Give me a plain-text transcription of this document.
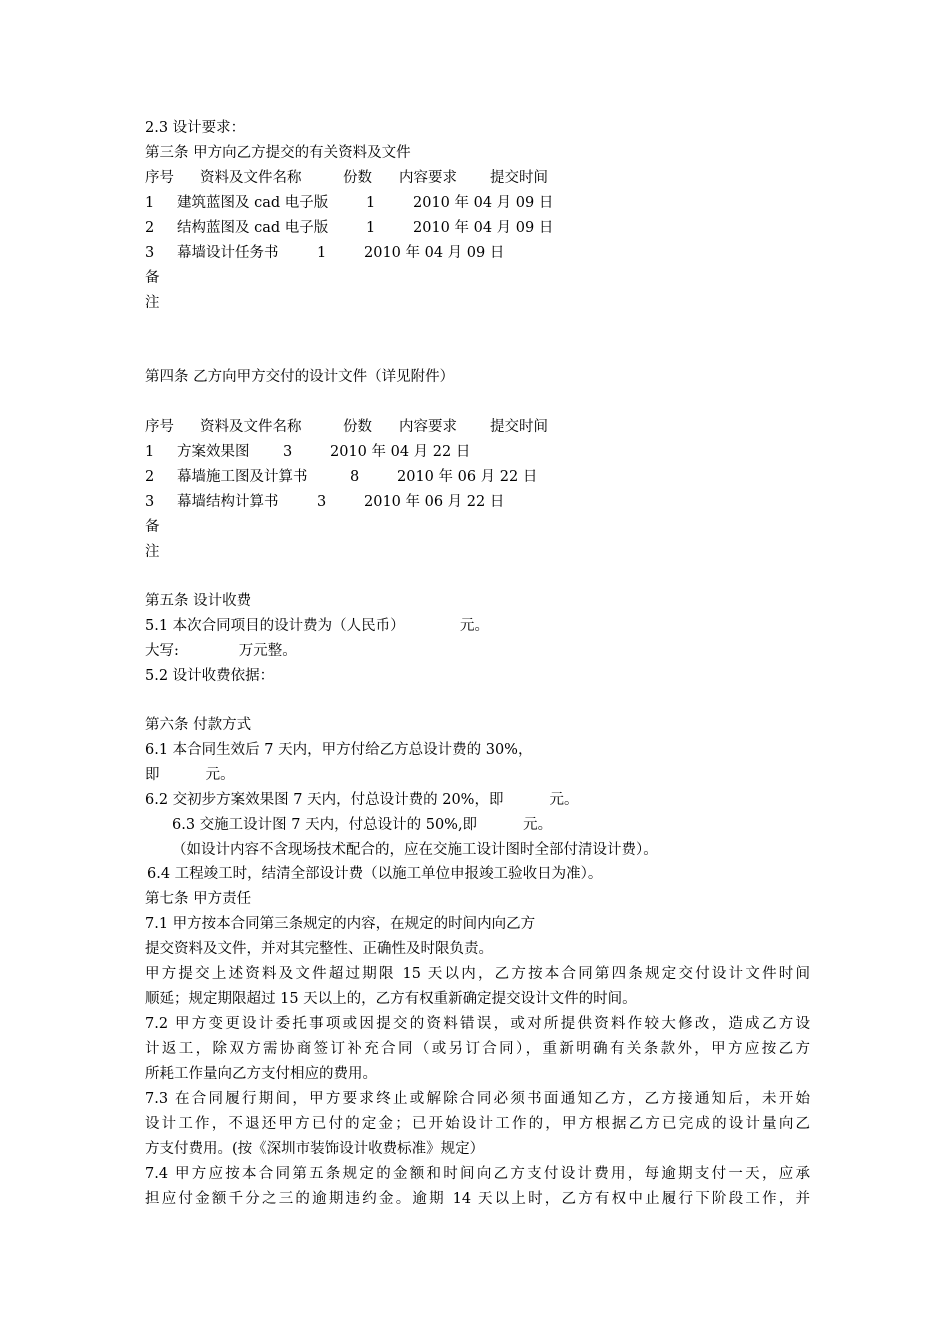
2.3 设计要求：
第三条 甲方向乙方提交的有关资料及文件
序号 资料及文件名称	份数 内容要求 提交时间
1 建筑蓝图及 cad 电子版	1	2010 年 04 月 09 日
2 结构蓝图及 cad 电子版	1	2010 年 04 月 09 日
3 幕墙设计任务书	1	2010 年 04 月 09 日
备
注
第四条 乙方向甲方交付的设计文件（详见附件）
序号 资料及文件名称	份数 内容要求 提交时间
1 方案效果图 3	2010 年 04 月 22 日
2 幕墙施工图及计算书	8	2010 年 06 月 22 日
3 幕墙结构计算书	3	2010 年 06 月 22 日
备
注
第五条 设计收费
5.1 本次合同项目的设计费为（人民币）            元。
大写:             万元整。
5.2 设计收费依据：
第六条 付款方式
6.1 本合同生效后 7 天内，甲方付给乙方总设计费的 30%，
即          元。
6.2 交初步方案效果图 7 天内，付总设计费的 20%，即          元。
6.3 交施工设计图 7 天内，付总设计的 50%,即          元。
（如设计内容不含现场技术配合的，应在交施工设计图时全部付清设计费）。
6.4 工程竣工时，结清全部设计费（以施工单位申报竣工验收日为准）。
第七条 甲方责任
7.1 甲方按本合同第三条规定的内容，在规定的时间内向乙方
提交资料及文件，并对其完整性、正确性及时限负责。
甲方提交上述资料及文件超过期限 15 天以内，乙方按本合同第四条规定交付设计文件时间
顺延；规定期限超过 15 天以上的，乙方有权重新确定提交设计文件的时间。
7.2 甲方变更设计委托事项或因提交的资料错误，或对所提供资料作较大修改，造成乙方设
计返工，除双方需协商签订补充合同（或另订合同），重新明确有关条款外，甲方应按乙方
所耗工作量向乙方支付相应的费用。
7.3 在合同履行期间，甲方要求终止或解除合同必须书面通知乙方，乙方接通知后，未开始
设计工作，不退还甲方已付的定金；已开始设计工作的，甲方根据乙方已完成的设计量向乙
方支付费用。(按《深圳市装饰设计收费标准》规定）
7.4 甲方应按本合同第五条规定的金额和时间向乙方支付设计费用，每逾期支付一天，应承
担应付金额千分之三的逾期违约金。逾期 14 天以上时，乙方有权中止履行下阶段工作，并
